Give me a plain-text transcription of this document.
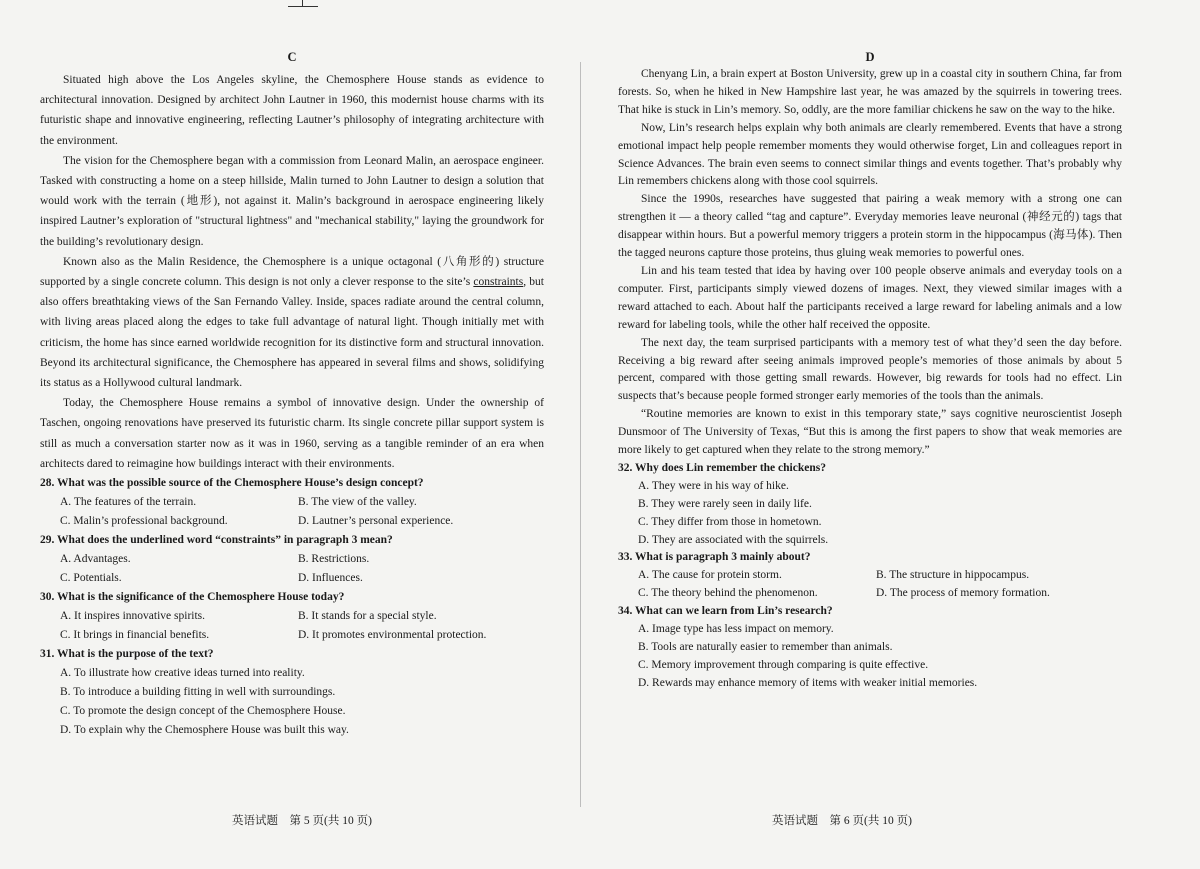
C

Situated high above the Los Angeles skyline, the Chemosphere House stands as evidence to architectural innovation. Designed by architect John Lautner in 1960, this modernist house charms with its futuristic shape and innovative engineering, reflecting Lautner’s philosophy of integrating architecture with the environment.

The vision for the Chemosphere began with a commission from Leonard Malin, an aerospace engineer. Tasked with constructing a home on a steep hillside, Malin turned to John Lautner to design a solution that would work with the terrain (地形), not against it. Malin’s background in aerospace engineering likely inspired Lautner’s exploration of "structural lightness" and "mechanical stability," laying the groundwork for the building’s revolutionary design.

Known also as the Malin Residence, the Chemosphere is a unique octagonal (八角形的) structure supported by a single concrete column. This design is not only a clever response to the site’s constraints, but also offers breathtaking views of the San Fernando Valley. Inside, spaces radiate around the central column, with living areas placed along the edges to take full advantage of natural light. Though initially met with criticism, the home has since earned worldwide recognition for its distinctive form and structural innovation. Beyond its architectural significance, the Chemosphere has appeared in several films and shows, solidifying its status as a Hollywood cultural landmark.

Today, the Chemosphere House remains a symbol of innovative design. Under the ownership of Taschen, ongoing renovations have preserved its futuristic charm. Its single concrete pillar support system is still as much a conversation starter now as it was in 1960, serving as a tangible reminder of an era when architects dared to reimagine how buildings interact with their environments.

28. What was the possible source of the Chemosphere House’s design concept?
A. The features of the terrain.	B. The view of the valley.
C. Malin’s professional background.	D. Lautner’s personal experience.
29. What does the underlined word “constraints” in paragraph 3 mean?
A. Advantages.	B. Restrictions.
C. Potentials.	D. Influences.
30. What is the significance of the Chemosphere House today?
A. It inspires innovative spirits.	B. It stands for a special style.
C. It brings in financial benefits.	D. It promotes environmental protection.
31. What is the purpose of the text?
A. To illustrate how creative ideas turned into reality.
B. To introduce a building fitting in well with surroundings.
C. To promote the design concept of the Chemosphere House.
D. To explain why the Chemosphere House was built this way.
英语试题　第 5 页(共 10 页)
D

Chenyang Lin, a brain expert at Boston University, grew up in a coastal city in southern China, far from forests. So, when he hiked in New Hampshire last year, he was amazed by the squirrels in towering trees. That hike is stuck in Lin’s memory. So, oddly, are the more familiar chickens he saw on the way to the hike.

Now, Lin’s research helps explain why both animals are clearly remembered. Events that have a strong emotional impact help people remember moments they would otherwise forget, Lin and colleagues report in Science Advances. The brain even seems to connect similar things and events together. That’s probably why Lin remembers chickens along with those cool squirrels.

Since the 1990s, researches have suggested that pairing a weak memory with a strong one can strengthen it — a theory called “tag and capture”. Everyday memories leave neuronal (神经元的) tags that disappear within hours. But a powerful memory triggers a protein storm in the hippocampus (海马体). Then the tagged neurons capture those proteins, thus gluing weak memories to powerful ones.

Lin and his team tested that idea by having over 100 people observe animals and everyday tools on a computer. First, participants simply viewed dozens of images. Next, they viewed similar images with a reward attached to each. About half the participants received a large reward for labeling animals and a low reward for labeling tools, while the other half received the opposite.

The next day, the team surprised participants with a memory test of what they’d seen the day before. Receiving a big reward after seeing animals improved people’s memories of those animals by about 5 percent, compared with those getting small rewards. However, big rewards for tools had no effect. Lin suspects that’s because people formed stronger early memories of the tools than the animals.

“Routine memories are known to exist in this temporary state,” says cognitive neuroscientist Joseph Dunsmoor of The University of Texas, “But this is among the first papers to show that weak memories are more likely to get captured when they relate to the strong memory.”

32. Why does Lin remember the chickens?
A. They were in his way of hike.
B. They were rarely seen in daily life.
C. They differ from those in hometown.
D. They are associated with the squirrels.
33. What is paragraph 3 mainly about?
A. The cause for protein storm.	B. The structure in hippocampus.
C. The theory behind the phenomenon.	D. The process of memory formation.
34. What can we learn from Lin’s research?
A. Image type has less impact on memory.
B. Tools are naturally easier to remember than animals.
C. Memory improvement through comparing is quite effective.
D. Rewards may enhance memory of items with weaker initial memories.
英语试题　第 6 页(共 10 页)
